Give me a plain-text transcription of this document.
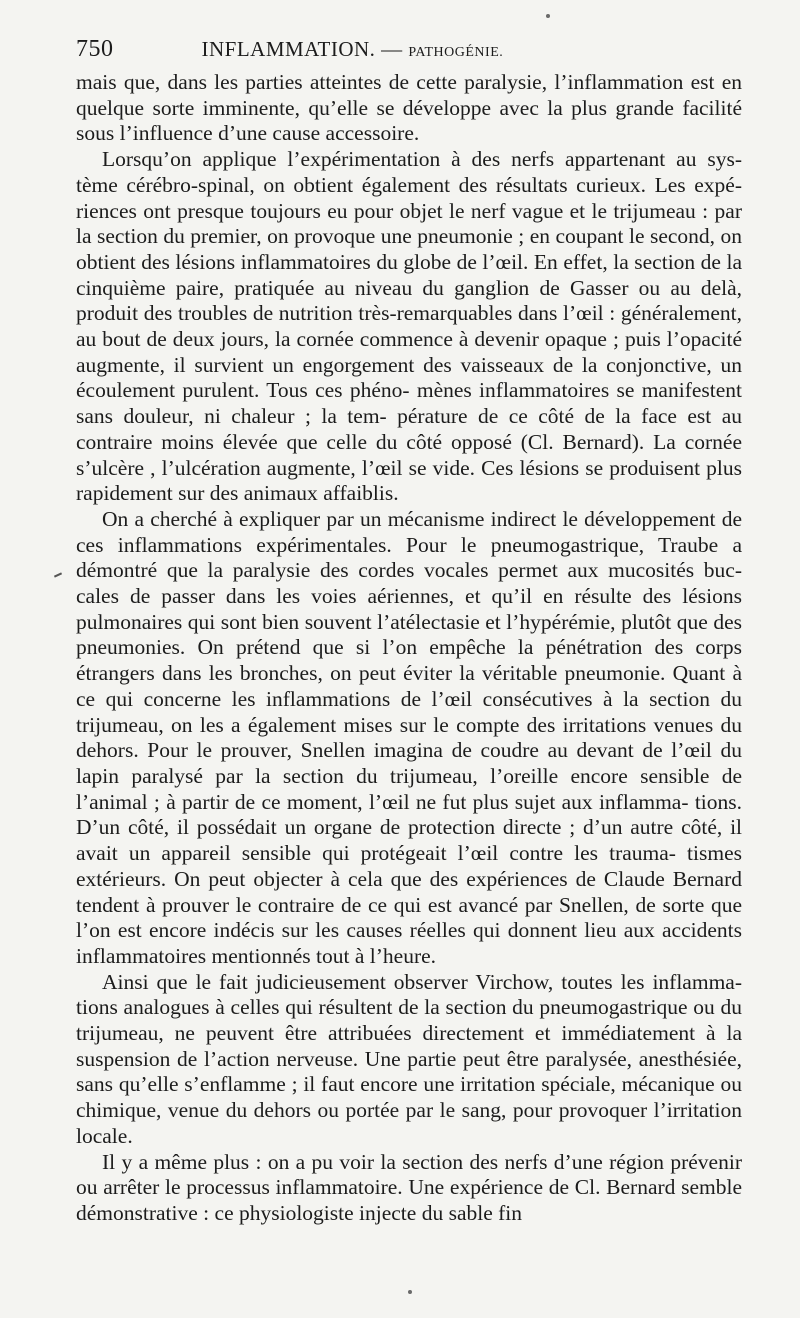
750	INFLAMMATION. — PATHOGÉNIE.

mais que, dans les parties atteintes de cette paralysie, l’inflammation est en quelque sorte imminente, qu’elle se développe avec la plus grande facilité sous l’influence d’une cause accessoire.

Lorsqu’on applique l’expérimentation à des nerfs appartenant au sys- tème cérébro-spinal, on obtient également des résultats curieux. Les expé- riences ont presque toujours eu pour objet le nerf vague et le trijumeau : par la section du premier, on provoque une pneumonie ; en coupant le second, on obtient des lésions inflammatoires du globe de l’œil. En effet, la section de la cinquième paire, pratiquée au niveau du ganglion de Gasser ou au delà, produit des troubles de nutrition très-remarquables dans l’œil : généralement, au bout de deux jours, la cornée commence à devenir opaque ; puis l’opacité augmente, il survient un engorgement des vaisseaux de la conjonctive, un écoulement purulent. Tous ces phéno- mènes inflammatoires se manifestent sans douleur, ni chaleur ; la tem- pérature de ce côté de la face est au contraire moins élevée que celle du côté opposé (Cl. Bernard). La cornée s’ulcère , l’ulcération augmente, l’œil se vide. Ces lésions se produisent plus rapidement sur des animaux affaiblis.

On a cherché à expliquer par un mécanisme indirect le développement de ces inflammations expérimentales. Pour le pneumogastrique, Traube a démontré que la paralysie des cordes vocales permet aux mucosités buc- cales de passer dans les voies aériennes, et qu’il en résulte des lésions pulmonaires qui sont bien souvent l’atélectasie et l’hypérémie, plutôt que des pneumonies. On prétend que si l’on empêche la pénétration des corps étrangers dans les bronches, on peut éviter la véritable pneumonie. Quant à ce qui concerne les inflammations de l’œil consécutives à la section du trijumeau, on les a également mises sur le compte des irritations venues du dehors. Pour le prouver, Snellen imagina de coudre au devant de l’œil du lapin paralysé par la section du trijumeau, l’oreille encore sensible de l’animal ; à partir de ce moment, l’œil ne fut plus sujet aux inflamma- tions. D’un côté, il possédait un organe de protection directe ; d’un autre côté, il avait un appareil sensible qui protégeait l’œil contre les trauma- tismes extérieurs. On peut objecter à cela que des expériences de Claude Bernard tendent à prouver le contraire de ce qui est avancé par Snellen, de sorte que l’on est encore indécis sur les causes réelles qui donnent lieu aux accidents inflammatoires mentionnés tout à l’heure.

Ainsi que le fait judicieusement observer Virchow, toutes les inflamma- tions analogues à celles qui résultent de la section du pneumogastrique ou du trijumeau, ne peuvent être attribuées directement et immédiatement à la suspension de l’action nerveuse. Une partie peut être paralysée, anesthésiée, sans qu’elle s’enflamme ; il faut encore une irritation spéciale, mécanique ou chimique, venue du dehors ou portée par le sang, pour provoquer l’irritation locale.

Il y a même plus : on a pu voir la section des nerfs d’une région prévenir ou arrêter le processus inflammatoire. Une expérience de Cl. Bernard semble démonstrative : ce physiologiste injecte du sable fin
